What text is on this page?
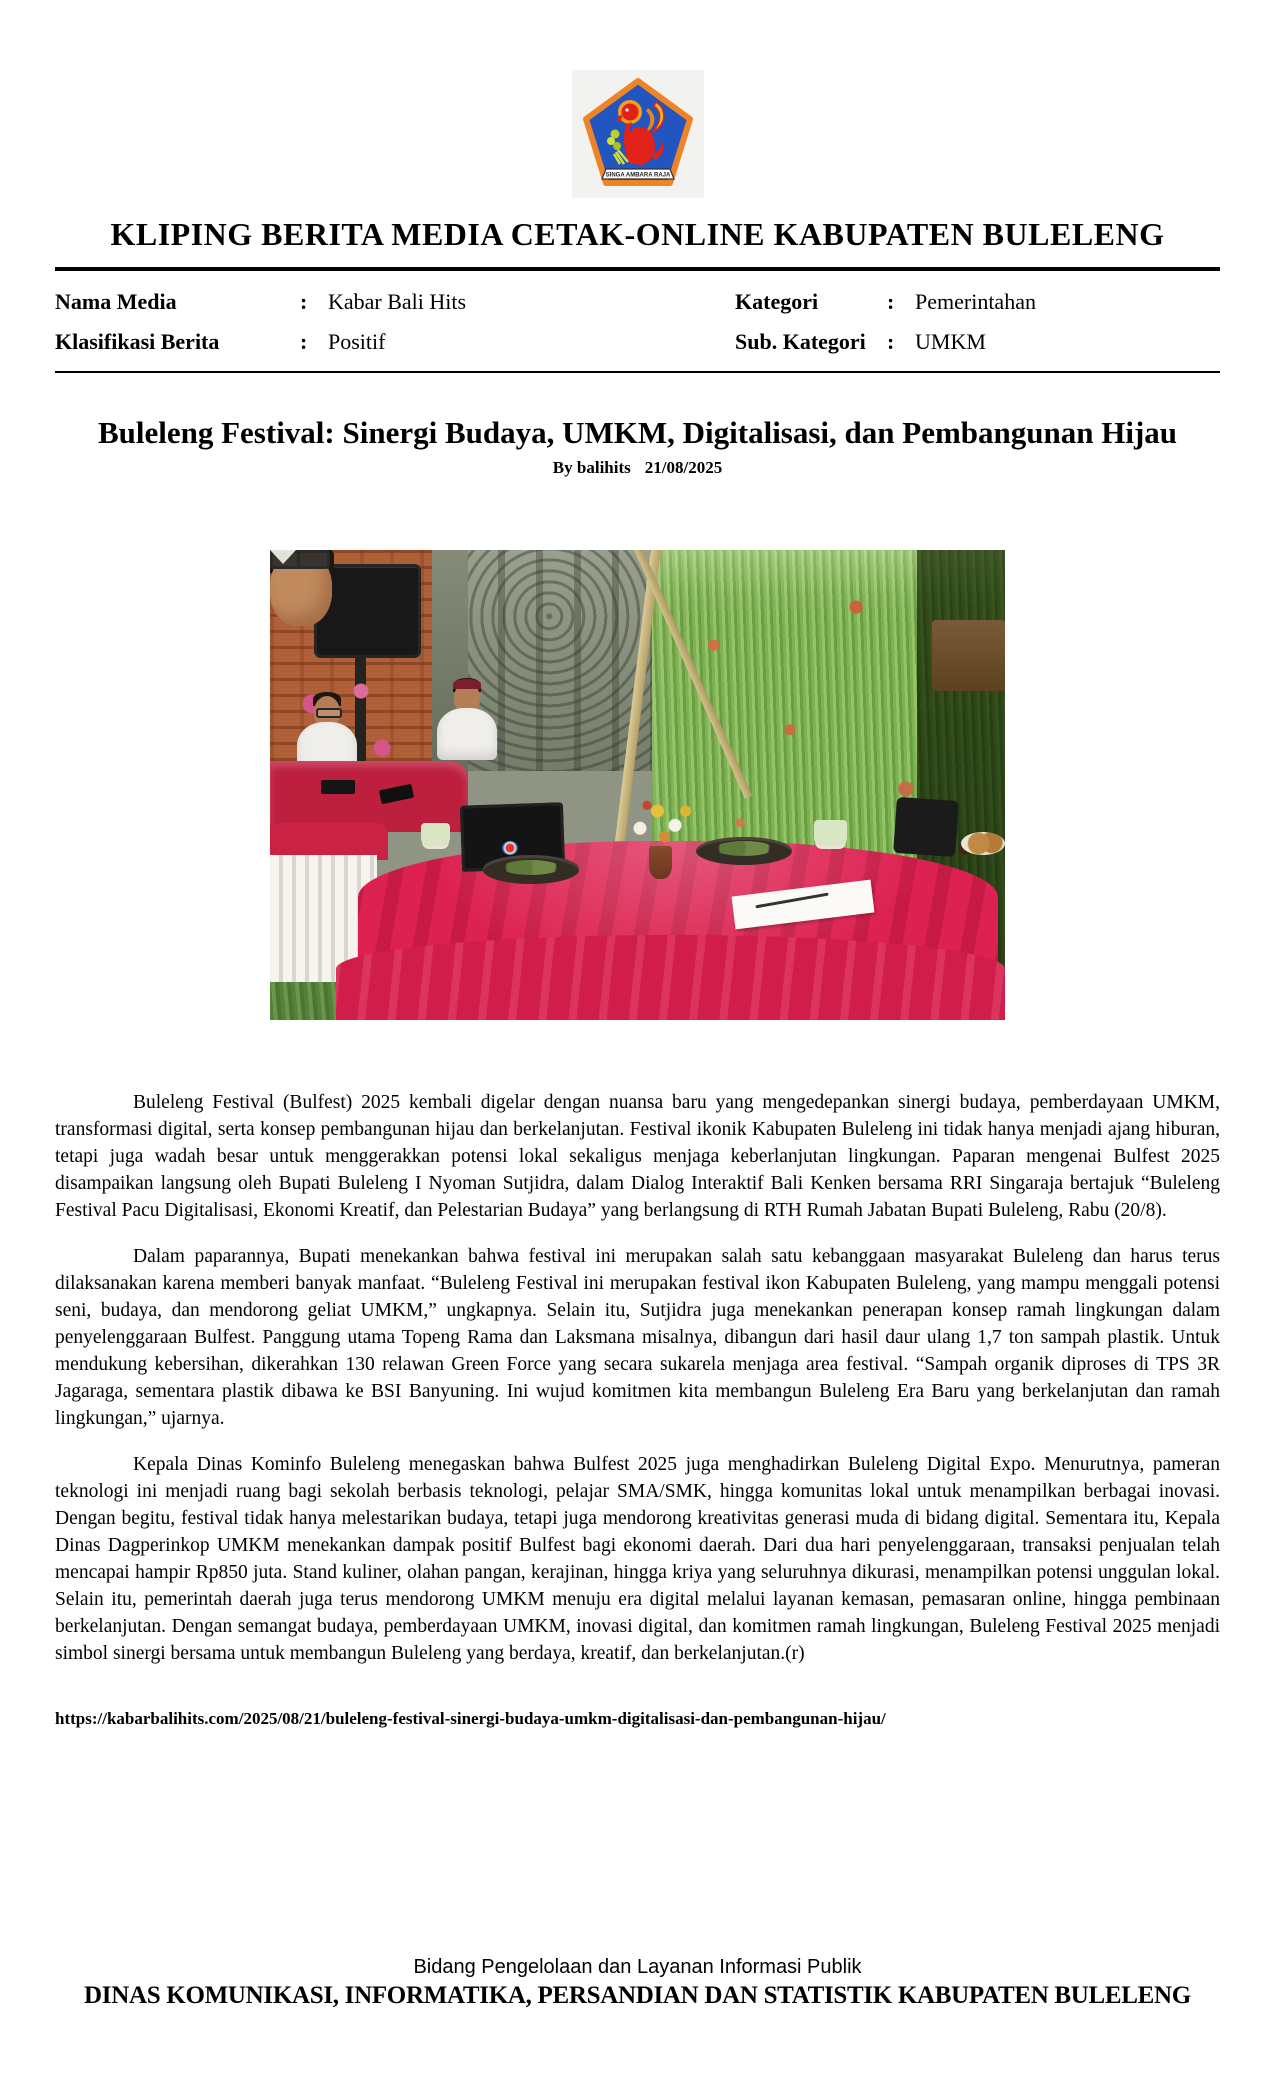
SINGA AMBARA RAJA
KLIPING BERITA MEDIA CETAK-ONLINE KABUPATEN BULELENG
Nama Media	: Kabar Bali Hits	Kategori	: Pemerintahan
Klasifikasi Berita	: Positif	Sub. Kategori : UMKM
Buleleng Festival: Sinergi Budaya, UMKM, Digitalisasi, dan Pembangunan Hijau
By balihits 21/08/2025

Buleleng Festival (Bulfest) 2025 kembali digelar dengan nuansa baru yang mengedepankan sinergi budaya, pemberdayaan UMKM, transformasi digital, serta konsep pembangunan hijau dan berkelanjutan. Festival ikonik Kabupaten Buleleng ini tidak hanya menjadi ajang hiburan, tetapi juga wadah besar untuk menggerakkan potensi lokal sekaligus menjaga keberlanjutan lingkungan. Paparan mengenai Bulfest 2025 disampaikan langsung oleh Bupati Buleleng I Nyoman Sutjidra, dalam Dialog Interaktif Bali Kenken bersama RRI Singaraja bertajuk “Buleleng Festival Pacu Digitalisasi, Ekonomi Kreatif, dan Pelestarian Budaya” yang berlangsung di RTH Rumah Jabatan Bupati Buleleng, Rabu (20/8).

Dalam paparannya, Bupati menekankan bahwa festival ini merupakan salah satu kebanggaan masyarakat Buleleng dan harus terus dilaksanakan karena memberi banyak manfaat. “Buleleng Festival ini merupakan festival ikon Kabupaten Buleleng, yang mampu menggali potensi seni, budaya, dan mendorong geliat UMKM,” ungkapnya. Selain itu, Sutjidra juga menekankan penerapan konsep ramah lingkungan dalam penyelenggaraan Bulfest. Panggung utama Topeng Rama dan Laksmana misalnya, dibangun dari hasil daur ulang 1,7 ton sampah plastik. Untuk mendukung kebersihan, dikerahkan 130 relawan Green Force yang secara sukarela menjaga area festival. “Sampah organik diproses di TPS 3R Jagaraga, sementara plastik dibawa ke BSI Banyuning. Ini wujud komitmen kita membangun Buleleng Era Baru yang berkelanjutan dan ramah lingkungan,” ujarnya.

Kepala Dinas Kominfo Buleleng menegaskan bahwa Bulfest 2025 juga menghadirkan Buleleng Digital Expo. Menurutnya, pameran teknologi ini menjadi ruang bagi sekolah berbasis teknologi, pelajar SMA/SMK, hingga komunitas lokal untuk menampilkan berbagai inovasi. Dengan begitu, festival tidak hanya melestarikan budaya, tetapi juga mendorong kreativitas generasi muda di bidang digital. Sementara itu, Kepala Dinas Dagperinkop UMKM menekankan dampak positif Bulfest bagi ekonomi daerah. Dari dua hari penyelenggaraan, transaksi penjualan telah mencapai hampir Rp850 juta. Stand kuliner, olahan pangan, kerajinan, hingga kriya yang seluruhnya dikurasi, menampilkan potensi unggulan lokal. Selain itu, pemerintah daerah juga terus mendorong UMKM menuju era digital melalui layanan kemasan, pemasaran online, hingga pembinaan berkelanjutan. Dengan semangat budaya, pemberdayaan UMKM, inovasi digital, dan komitmen ramah lingkungan, Buleleng Festival 2025 menjadi simbol sinergi bersama untuk membangun Buleleng yang berdaya, kreatif, dan berkelanjutan.(r)

https://kabarbalihits.com/2025/08/21/buleleng-festival-sinergi-budaya-umkm-digitalisasi-dan-pembangunan-hijau/
Bidang Pengelolaan dan Layanan Informasi Publik
DINAS KOMUNIKASI, INFORMATIKA, PERSANDIAN DAN STATISTIK KABUPATEN BULELENG
